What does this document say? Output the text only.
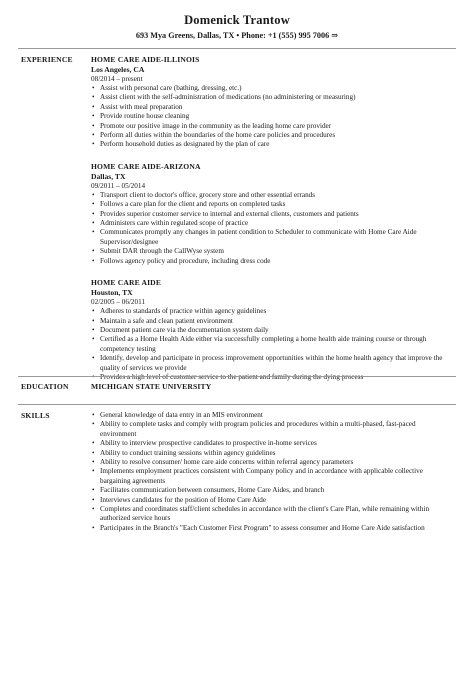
Domenick Trantow
693 Mya Greens, Dallas, TX • Phone: +1 (555) 995 7006 ⇒
EXPERIENCE HOME CARE AIDE-ILLINOIS
Los Angeles, CA
08/2014 – present
• Assist with personal care (bathing, dressing, etc.)
• Assist client with the self-administration of medications (no administering or measuring)
• Assist with meal preparation
• Provide routine house cleaning
• Promote our positive image in the community as the leading home care provider
• Perform all duties within the boundaries of the home care policies and procedures
• Perform household duties as designated by the plan of care
HOME CARE AIDE-ARIZONA
Dallas, TX
09/2011 – 05/2014
• Transport client to doctor's office, grocery store and other essential errands
• Follows a care plan for the client and reports on completed tasks
• Provides superior customer service to internal and external clients, customers and patients
• Administers care within regulated scope of practice
• Communicates promptly any changes in patient condition to Scheduler to communicate with Home Care Aide Supervisor/designee
• Submit DAR through the CallWyse system
• Follows agency policy and procedure, including dress code
HOME CARE AIDE
Houston, TX
02/2005 – 06/2011
• Adheres to standards of practice within agency guidelines
• Maintain a safe and clean patient environment
• Document patient care via the documentation system daily
• Certified as a Home Health Aide either via successfully completing a home health aide training course or through competency testing
• Identify, develop and participate in process improvement opportunities within the home health agency that improve the quality of services we provide
• Provides a high level of customer service to the patient and family during the dying process
EDUCATION	MICHIGAN STATE UNIVERSITY
SKILLS	• General knowledge of data entry in an MIS environment
• Ability to complete tasks and comply with program policies and procedures within a multi-phased, fast-paced environment
• Ability to interview prospective candidates to prospective in-home services
• Ability to conduct training sessions within agency guidelines
• Ability to resolve consumer/ home care aide concerns within referral agency parameters
• Implements employment practices consistent with Company policy and in accordance with applicable collective bargaining agreements
• Facilitates communication between consumers, Home Care Aides, and branch
• Interviews candidates for the position of Home Care Aide
• Completes and coordinates staff/client schedules in accordance with the client's Care Plan, while remaining within authorized service hours
• Participates in the Branch's "Each Customer First Program" to assess consumer and Home Care Aide satisfaction
